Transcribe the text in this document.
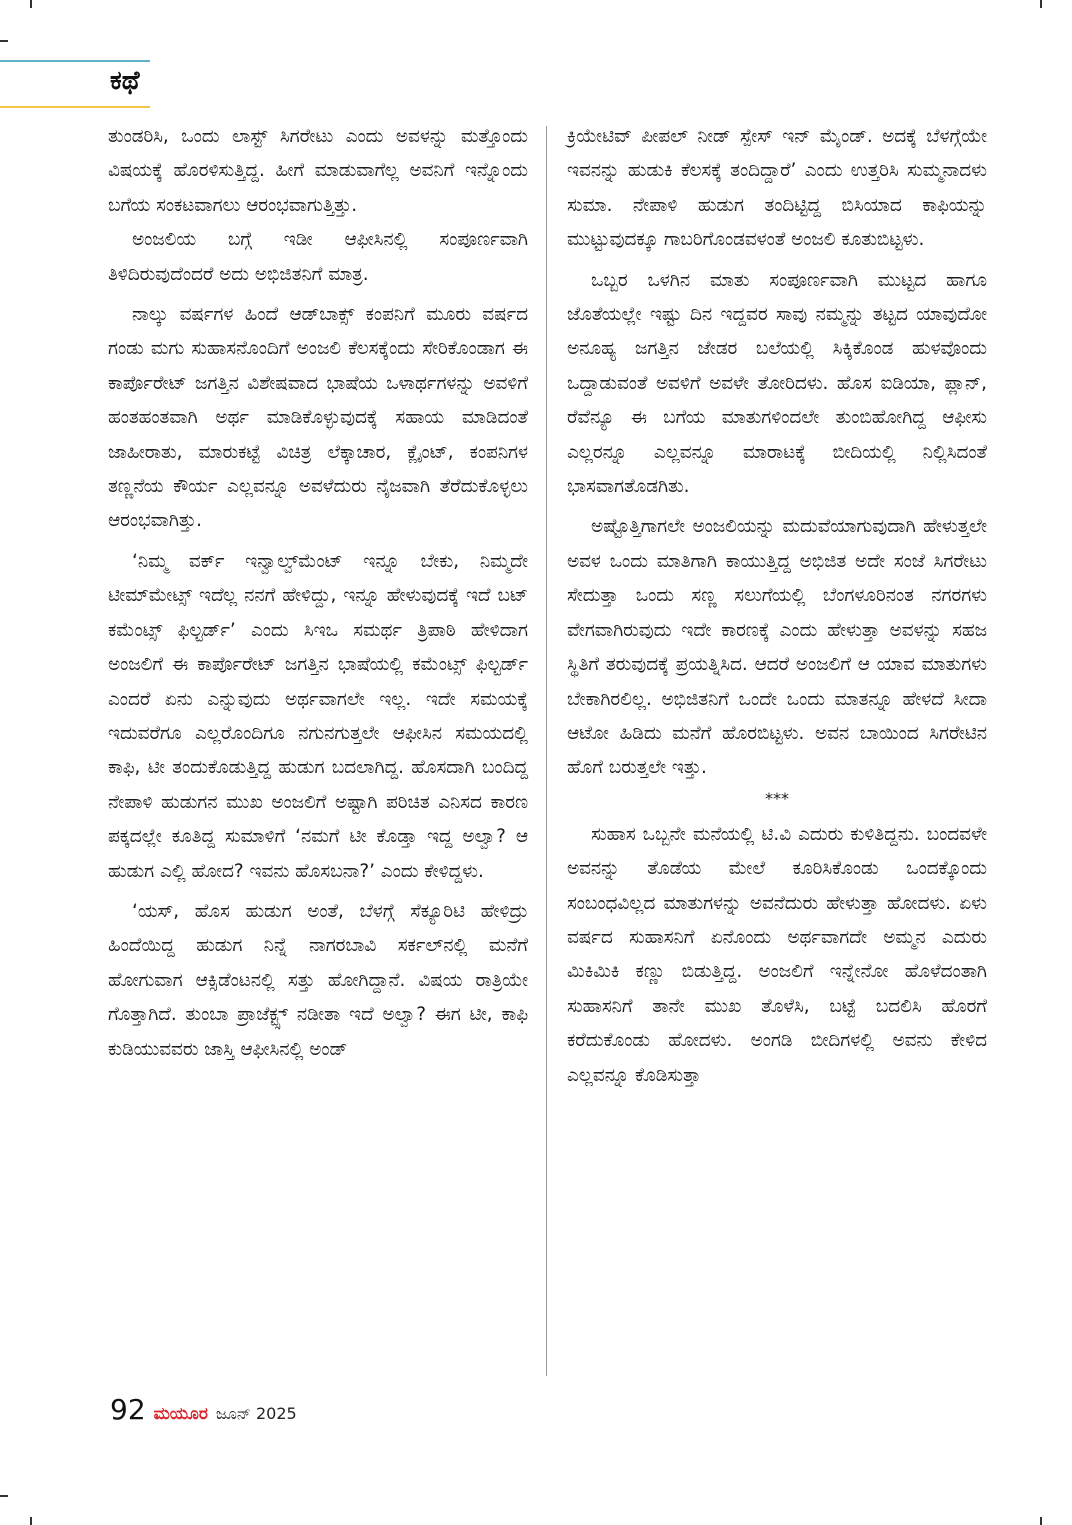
ಕಥೆ

ತುಂಡರಿಸಿ, ಒಂದು ಲಾಸ್ಟ್ ಸಿಗರೇಟು ಎಂದು ಅವಳನ್ನು ಮತ್ತೊಂದು ವಿಷಯಕ್ಕೆ ಹೊರಳಿಸುತ್ತಿದ್ದ. ಹೀಗೆ ಮಾಡುವಾಗೆಲ್ಲ ಅವನಿಗೆ ಇನ್ನೊಂದು ಬಗೆಯ ಸಂಕಟವಾಗಲು ಆರಂಭವಾಗುತ್ತಿತ್ತು.

ಅಂಜಲಿಯ ಬಗ್ಗೆ ಇಡೀ ಆಫೀಸಿನಲ್ಲಿ ಸಂಪೂರ್ಣವಾಗಿ ತಿಳಿದಿರುವುದೆಂದರೆ ಅದು ಅಭಿಜಿತನಿಗೆ ಮಾತ್ರ.

ನಾಲ್ಕು ವರ್ಷಗಳ ಹಿಂದೆ ಆಡ್‌ಬಾಕ್ಸ್ ಕಂಪನಿಗೆ ಮೂರು ವರ್ಷದ ಗಂಡು ಮಗು ಸುಹಾಸನೊಂದಿಗೆ ಅಂಜಲಿ ಕೆಲಸಕ್ಕೆಂದು ಸೇರಿಕೊಂಡಾಗ ಈ ಕಾರ್ಪೊರೇಟ್ ಜಗತ್ತಿನ ವಿಶೇಷವಾದ ಭಾಷೆಯ ಒಳಾರ್ಥಗಳನ್ನು ಅವಳಿಗೆ ಹಂತಹಂತವಾಗಿ ಅರ್ಥ ಮಾಡಿಕೊಳ್ಳುವುದಕ್ಕೆ ಸಹಾಯ ಮಾಡಿದಂತೆ ಜಾಹೀರಾತು, ಮಾರುಕಟ್ಟೆ ವಿಚಿತ್ರ ಲೆಕ್ಕಾಚಾರ, ಕ್ಲೈಂಟ್, ಕಂಪನಿಗಳ ತಣ್ಣನೆಯ ಕೌರ್ಯ ಎಲ್ಲವನ್ನೂ ಅವಳೆದುರು ನೈಜವಾಗಿ ತೆರೆದುಕೊಳ್ಳಲು ಆರಂಭವಾಗಿತ್ತು.

‘ನಿಮ್ಮ ವರ್ಕ್ ಇನ್ವಾಲ್ವ್‌ಮೆಂಟ್ ಇನ್ನೂ ಬೇಕು, ನಿಮ್ಮದೇ ಟೀಮ್‌ಮೇಟ್ಸ್ ಇದೆಲ್ಲ ನನಗೆ ಹೇಳಿದ್ದು, ಇನ್ನೂ ಹೇಳುವುದಕ್ಕೆ ಇದೆ ಬಟ್ ಕಮೆಂಟ್ಸ್ ಫಿಲ್ಟರ್ಡ್’ ಎಂದು ಸಿಇಒ ಸಮರ್ಥ ತ್ರಿಪಾಠಿ ಹೇಳಿದಾಗ ಅಂಜಲಿಗೆ ಈ ಕಾರ್ಪೊರೇಟ್ ಜಗತ್ತಿನ ಭಾಷೆಯಲ್ಲಿ ಕಮೆಂಟ್ಸ್ ಫಿಲ್ಟರ್ಡ್ ಎಂದರೆ ಏನು ಎನ್ನುವುದು ಅರ್ಥವಾಗಲೇ ಇಲ್ಲ. ಇದೇ ಸಮಯಕ್ಕೆ ಇದುವರೆಗೂ ಎಲ್ಲರೊಂದಿಗೂ ನಗುನಗುತ್ತಲೇ ಆಫೀಸಿನ ಸಮಯದಲ್ಲಿ ಕಾಫಿ, ಟೀ ತಂದುಕೊಡುತ್ತಿದ್ದ ಹುಡುಗ ಬದಲಾಗಿದ್ದ. ಹೊಸದಾಗಿ ಬಂದಿದ್ದ ನೇಪಾಳಿ ಹುಡುಗನ ಮುಖ ಅಂಜಲಿಗೆ ಅಷ್ಟಾಗಿ ಪರಿಚಿತ ಎನಿಸದ ಕಾರಣ ಪಕ್ಕದಲ್ಲೇ ಕೂತಿದ್ದ ಸುಮಾಳಿಗೆ ‘ನಮಗೆ ಟೀ ಕೊಡ್ತಾ ಇದ್ದ ಅಲ್ವಾ? ಆ ಹುಡುಗ ಎಲ್ಲಿ ಹೋದ? ಇವನು ಹೊಸಬನಾ?’ ಎಂದು ಕೇಳಿದ್ದಳು.

‘ಯಸ್, ಹೊಸ ಹುಡುಗ ಅಂತೆ, ಬೆಳಗ್ಗೆ ಸೆಕ್ಯೂರಿಟಿ ಹೇಳಿದ್ರು ಹಿಂದೆಯಿದ್ದ ಹುಡುಗ ನಿನ್ನೆ ನಾಗರಬಾವಿ ಸರ್ಕಲ್‌ನಲ್ಲಿ ಮನೆಗೆ ಹೋಗುವಾಗ ಆಕ್ಸಿಡೆಂಟನಲ್ಲಿ ಸತ್ತು ಹೋಗಿದ್ದಾನೆ. ವಿಷಯ ರಾತ್ರಿಯೇ ಗೊತ್ತಾಗಿದೆ. ತುಂಬಾ ಪ್ರಾಜೆಕ್ಟ್ಸ್ ನಡೀತಾ ಇದೆ ಅಲ್ವಾ? ಈಗ ಟೀ, ಕಾಫಿ ಕುಡಿಯುವವರು ಜಾಸ್ತಿ ಆಫೀಸಿನಲ್ಲಿ ಅಂಡ್

ಕ್ರಿಯೇಟಿವ್ ಪೀಪಲ್ ನೀಡ್ ಸ್ಪೇಸ್ ಇನ್ ಮೈಂಡ್. ಅದಕ್ಕೆ ಬೆಳಗ್ಗೆಯೇ ಇವನನ್ನು ಹುಡುಕಿ ಕೆಲಸಕ್ಕೆ ತಂದಿದ್ದಾರೆ’ ಎಂದು ಉತ್ತರಿಸಿ ಸುಮ್ಮನಾದಳು ಸುಮಾ. ನೇಪಾಳಿ ಹುಡುಗ ತಂದಿಟ್ಟಿದ್ದ ಬಿಸಿಯಾದ ಕಾಫಿಯನ್ನು ಮುಟ್ಟುವುದಕ್ಕೂ ಗಾಬರಿಗೊಂಡವಳಂತೆ ಅಂಜಲಿ ಕೂತುಬಿಟ್ಟಳು.

ಒಬ್ಬರ ಒಳಗಿನ ಮಾತು ಸಂಪೂರ್ಣವಾಗಿ ಮುಟ್ಟದ ಹಾಗೂ ಜೊತೆಯಲ್ಲೇ ಇಷ್ಟು ದಿನ ಇದ್ದವರ ಸಾವು ನಮ್ಮನ್ನು ತಟ್ಟದ ಯಾವುದೋ ಅನೂಹ್ಯ ಜಗತ್ತಿನ ಜೇಡರ ಬಲೆಯಲ್ಲಿ ಸಿಕ್ಕಿಕೊಂಡ ಹುಳವೊಂದು ಒದ್ದಾಡುವಂತೆ ಅವಳಿಗೆ ಅವಳೇ ತೋರಿದಳು. ಹೊಸ ಐಡಿಯಾ, ಪ್ಲಾನ್, ರೆವೆನ್ಯೂ ಈ ಬಗೆಯ ಮಾತುಗಳಿಂದಲೇ ತುಂಬಿಹೋಗಿದ್ದ ಆಫೀಸು ಎಲ್ಲರನ್ನೂ ಎಲ್ಲವನ್ನೂ ಮಾರಾಟಕ್ಕೆ ಬೀದಿಯಲ್ಲಿ ನಿಲ್ಲಿಸಿದಂತೆ ಭಾಸವಾಗತೊಡಗಿತು.

ಅಷ್ಟೊತ್ತಿಗಾಗಲೇ ಅಂಜಲಿಯನ್ನು ಮದುವೆಯಾಗುವುದಾಗಿ ಹೇಳುತ್ತಲೇ ಅವಳ ಒಂದು ಮಾತಿಗಾಗಿ ಕಾಯುತ್ತಿದ್ದ ಅಭಿಜಿತ ಅದೇ ಸಂಜೆ ಸಿಗರೇಟು ಸೇದುತ್ತಾ ಒಂದು ಸಣ್ಣ ಸಲುಗೆಯಲ್ಲಿ ಬೆಂಗಳೂರಿನಂತ ನಗರಗಳು ವೇಗವಾಗಿರುವುದು ಇದೇ ಕಾರಣಕ್ಕೆ ಎಂದು ಹೇಳುತ್ತಾ ಅವಳನ್ನು ಸಹಜ ಸ್ಥಿತಿಗೆ ತರುವುದಕ್ಕೆ ಪ್ರಯತ್ನಿಸಿದ. ಆದರೆ ಅಂಜಲಿಗೆ ಆ ಯಾವ ಮಾತುಗಳು ಬೇಕಾಗಿರಲಿಲ್ಲ. ಅಭಿಜಿತನಿಗೆ ಒಂದೇ ಒಂದು ಮಾತನ್ನೂ ಹೇಳದೆ ಸೀದಾ ಆಟೋ ಹಿಡಿದು ಮನೆಗೆ ಹೊರಬಿಟ್ಟಳು. ಅವನ ಬಾಯಿಂದ ಸಿಗರೇಟಿನ ಹೊಗೆ ಬರುತ್ತಲೇ ಇತ್ತು.

***

ಸುಹಾಸ ಒಬ್ಬನೇ ಮನೆಯಲ್ಲಿ ಟಿ.ವಿ ಎದುರು ಕುಳಿತಿದ್ದನು. ಬಂದವಳೇ ಅವನನ್ನು ತೊಡೆಯ ಮೇಲೆ ಕೂರಿಸಿಕೊಂಡು ಒಂದಕ್ಕೊಂದು ಸಂಬಂಧವಿಲ್ಲದ ಮಾತುಗಳನ್ನು ಅವನೆದುರು ಹೇಳುತ್ತಾ ಹೋದಳು. ಏಳು ವರ್ಷದ ಸುಹಾಸನಿಗೆ ಏನೊಂದು ಅರ್ಥವಾಗದೇ ಅಮ್ಮನ ಎದುರು ಮಿಕಿಮಿಕಿ ಕಣ್ಣು ಬಿಡುತ್ತಿದ್ದ. ಅಂಜಲಿಗೆ ಇನ್ನೇನೋ ಹೊಳೆದಂತಾಗಿ ಸುಹಾಸನಿಗೆ ತಾನೇ ಮುಖ ತೊಳೆಸಿ, ಬಟ್ಟೆ ಬದಲಿಸಿ ಹೊರಗೆ ಕರೆದುಕೊಂಡು ಹೋದಳು. ಅಂಗಡಿ ಬೀದಿಗಳಲ್ಲಿ ಅವನು ಕೇಳಿದ ಎಲ್ಲವನ್ನೂ ಕೊಡಿಸುತ್ತಾ

92 ಮಯೂರ ಜೂನ್ 2025
